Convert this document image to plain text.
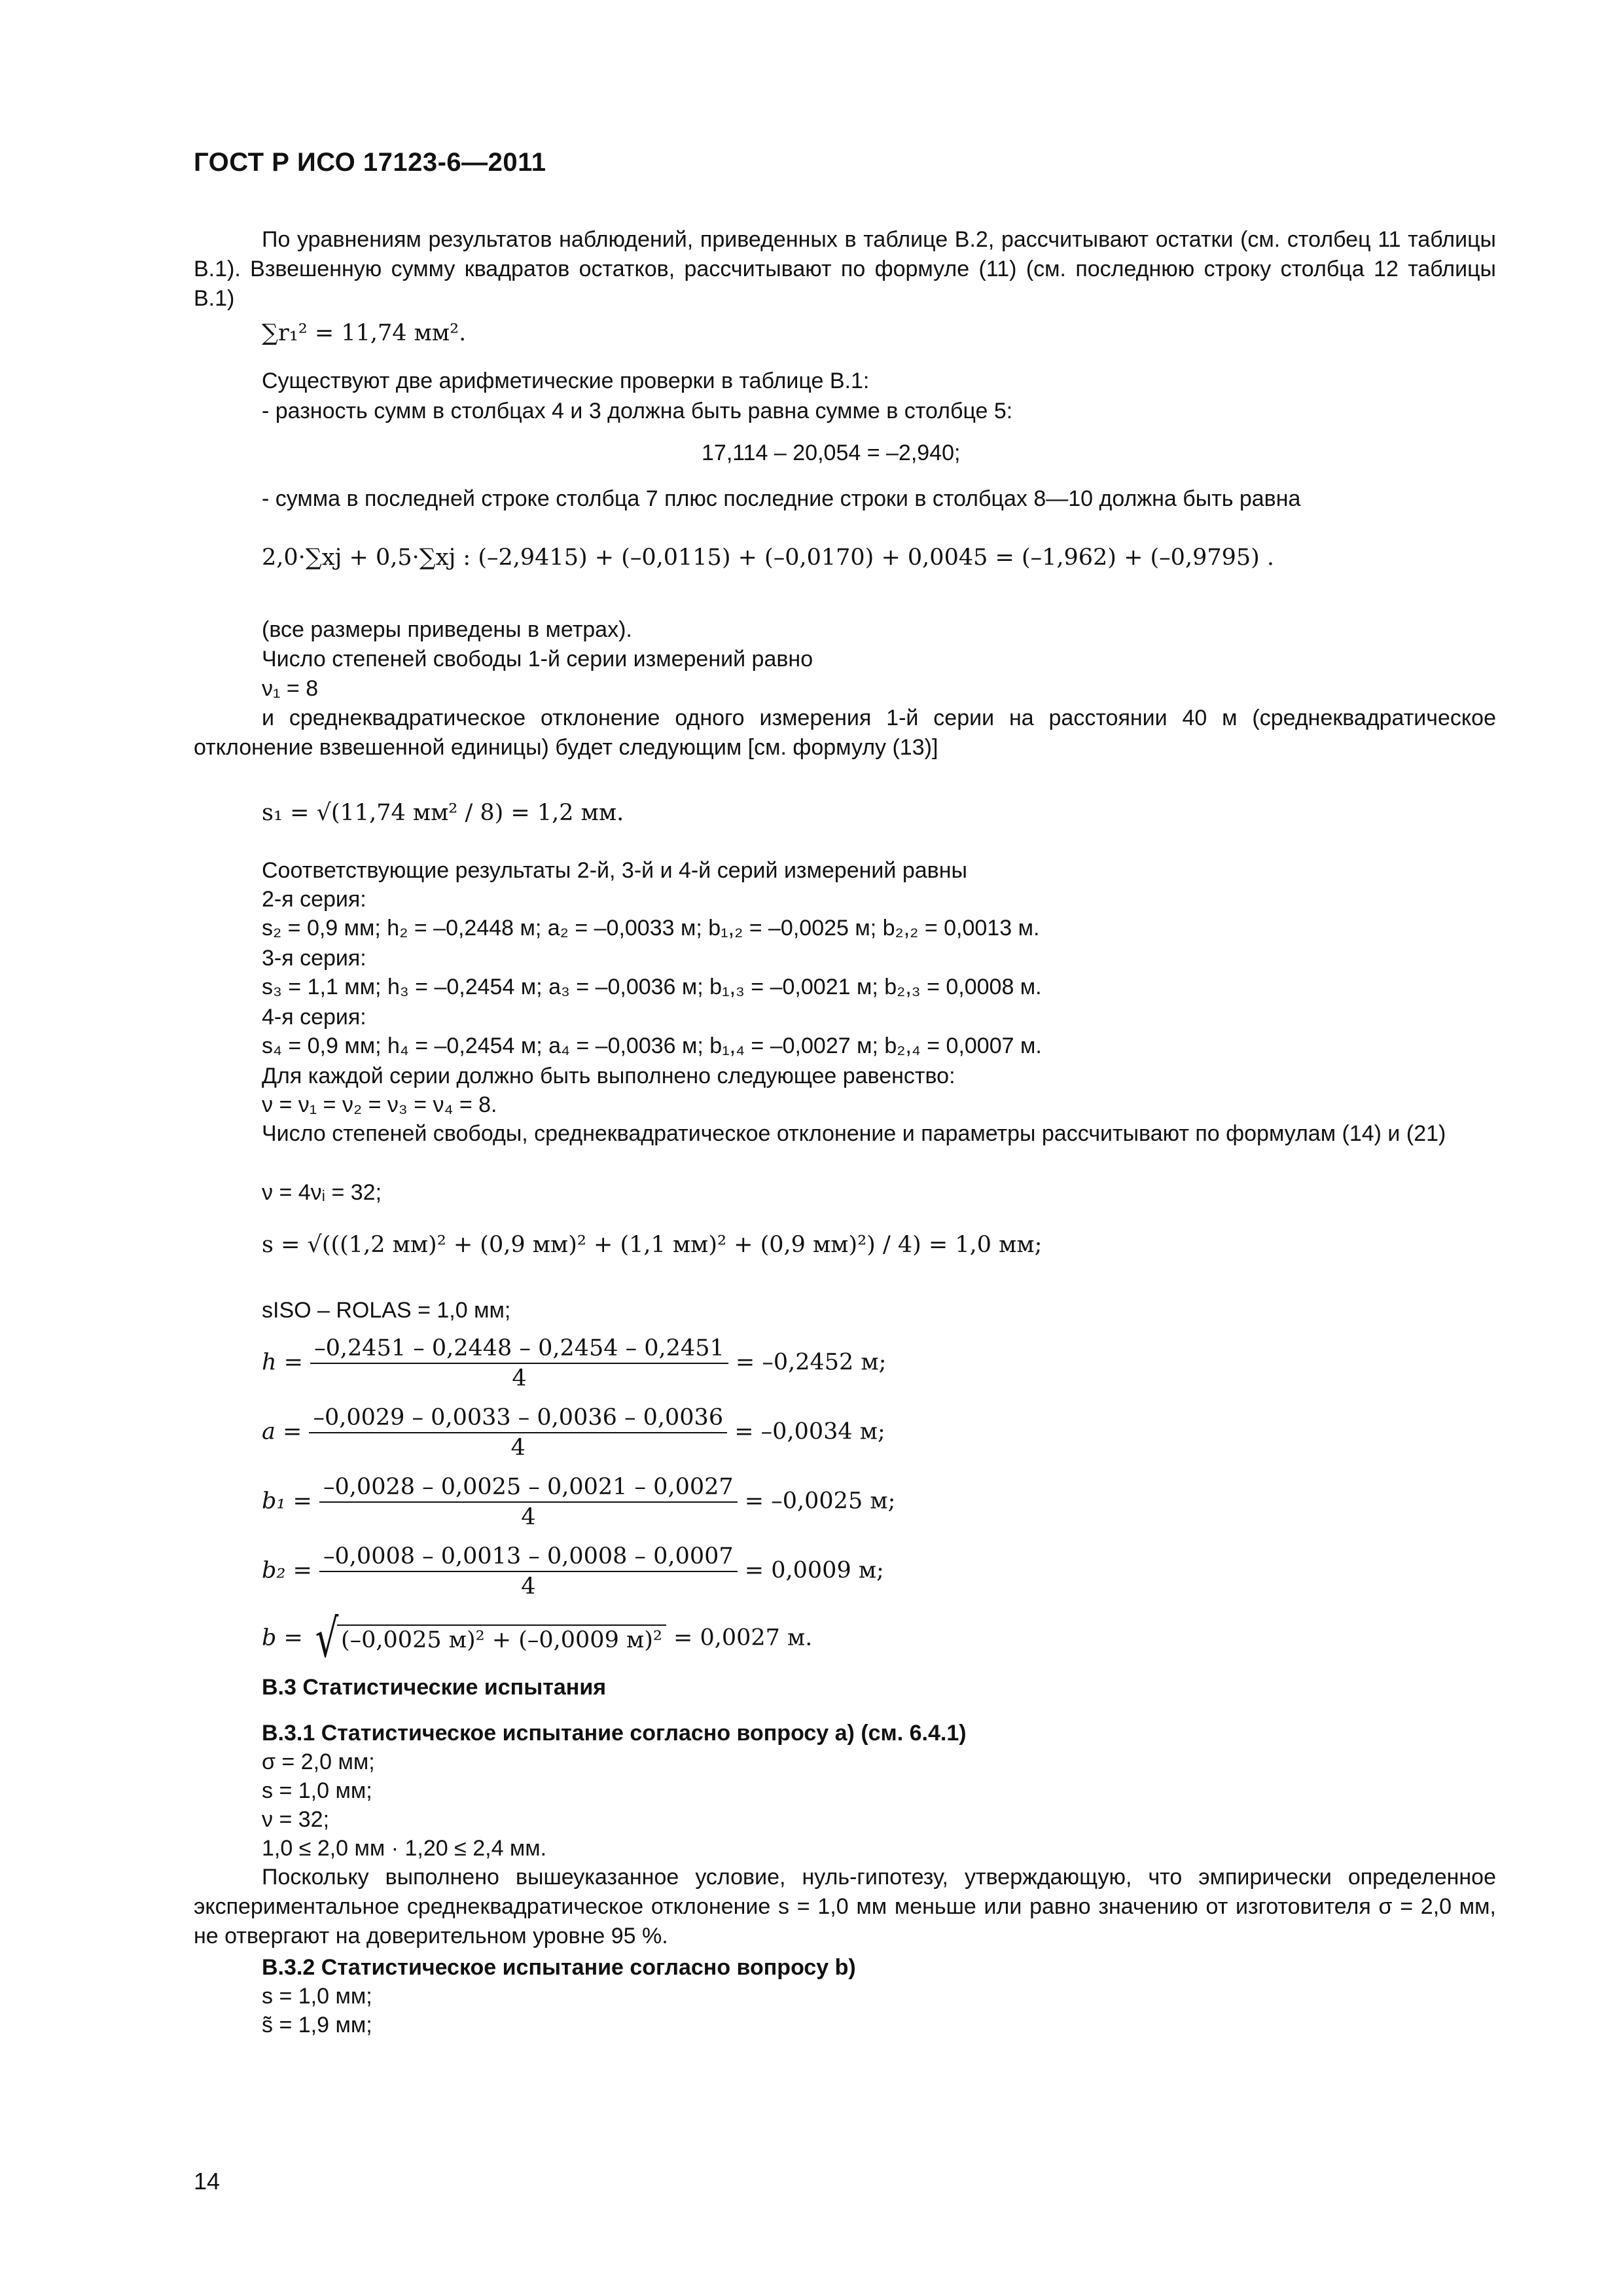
ГОСТ Р ИСО 17123-6—2011
По уравнениям результатов наблюдений, приведенных в таблице В.2, рассчитывают остатки (см. столбец 11 таблицы В.1). Взвешенную сумму квадратов остатков, рассчитывают по формуле (11) (см. последнюю строку столбца 12 таблицы В.1)
∑r₁² = 11,74 мм².
Существуют две арифметические проверки в таблице В.1:
- разность сумм в столбцах 4 и 3 должна быть равна сумме в столбце 5:
17,114 – 20,054 = –2,940;
- сумма в последней строке столбца 7 плюс последние строки в столбцах 8—10 должна быть равна
2,0·∑xj + 0,5·∑xj : (–2,9415) + (–0,0115) + (–0,0170) + 0,0045 = (–1,962) + (–0,9795) .
(все размеры приведены в метрах).
Число степеней свободы 1-й серии измерений равно
ν₁ = 8
и среднеквадратическое отклонение одного измерения 1-й серии на расстоянии 40 м (среднеквадратическое отклонение взвешенной единицы) будет следующим [см. формулу (13)]
s₁ = √(11,74 мм² / 8) = 1,2 мм.
Соответствующие результаты 2-й, 3-й и 4-й серий измерений равны
2-я серия:
s₂ = 0,9 мм; h₂ = –0,2448 м; a₂ = –0,0033 м; b₁,₂ = –0,0025 м; b₂,₂ = 0,0013 м.
3-я серия:
s₃ = 1,1 мм; h₃ = –0,2454 м; a₃ = –0,0036 м; b₁,₃ = –0,0021 м; b₂,₃ = 0,0008 м.
4-я серия:
s₄ = 0,9 мм; h₄ = –0,2454 м; a₄ = –0,0036 м; b₁,₄ = –0,0027 м; b₂,₄ = 0,0007 м.
Для каждой серии должно быть выполнено следующее равенство:
ν = ν₁ = ν₂ = ν₃ = ν₄ = 8.
Число степеней свободы, среднеквадратическое отклонение и параметры рассчитывают по формулам (14) и (21)
ν = 4νᵢ = 32;
s = √(((1,2 мм)² + (0,9 мм)² + (1,1 мм)² + (0,9 мм)²) / 4) = 1,0 мм;
sISO – ROLAS = 1,0 мм;
$h = \frac{-0,2451 - 0,2448 - 0,2454 - 0,2451}{4} = -0,2452$ м;
$a = \frac{-0,0029 - 0,0033 - 0,0036 - 0,0036}{4} = -0,0034$ м;
$b_1 = \frac{-0,0028 - 0,0025 - 0,0021 - 0,0027}{4} = -0,0025$ м;
$b_2 = \frac{-0,0008 - 0,0013 - 0,0008 - 0,0007}{4} = 0,0009$ м;
b = √ (–0,0025 м)² + (–0,0009 м)² = 0,0027 м.
В.3 Статистические испытания
В.3.1 Статистическое испытание согласно вопросу а) (см. 6.4.1)
σ = 2,0 мм;
s = 1,0 мм;
ν = 32;
1,0 ≤ 2,0 мм · 1,20 ≤ 2,4 мм.
Поскольку выполнено вышеуказанное условие, нуль-гипотезу, утверждающую, что эмпирически определенное экспериментальное среднеквадратическое отклонение s = 1,0 мм меньше или равно значению от изготовителя σ = 2,0 мм, не отвергают на доверительном уровне 95 %.
В.3.2 Статистическое испытание согласно вопросу b)
s = 1,0 мм;
s̃ = 1,9 мм;
14
